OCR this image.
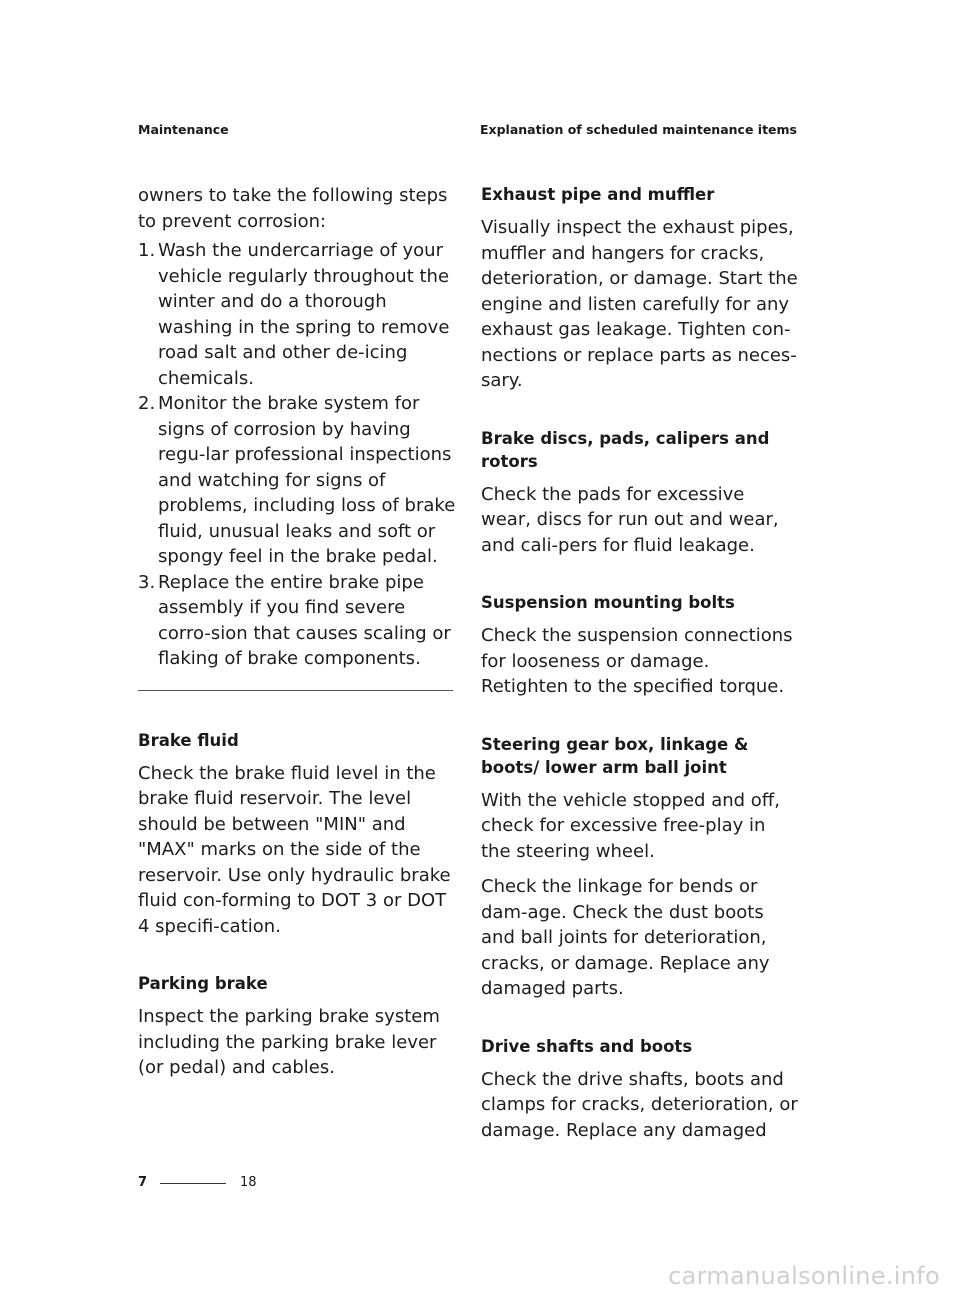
Maintenance	Explanation of scheduled maintenance items

owners to take the following steps to prevent corrosion:

1. Wash the undercarriage of your vehicle regularly throughout the winter and do a thorough washing in the spring to remove road salt and other de-icing chemicals.
2. Monitor the brake system for signs of corrosion by having regu-lar professional inspections and watching for signs of problems, including loss of brake fluid, unusual leaks and soft or spongy feel in the brake pedal.
3. Replace the entire brake pipe assembly if you find severe corro-sion that causes scaling or flaking of brake components.
Brake fluid

Check the brake fluid level in the brake fluid reservoir. The level should be between "MIN" and "MAX" marks on the side of the reservoir. Use only hydraulic brake fluid con-forming to DOT 3 or DOT 4 specifi-cation.

Parking brake

Inspect the parking brake system including the parking brake lever (or pedal) and cables.

Exhaust pipe and muffler

Visually inspect the exhaust pipes, muffler and hangers for cracks, deterioration, or damage. Start the engine and listen carefully for any exhaust gas leakage. Tighten con-nections or replace parts as neces-sary.

Brake discs, pads, calipers and rotors

Check the pads for excessive wear, discs for run out and wear, and cali-pers for fluid leakage.

Suspension mounting bolts

Check the suspension connections for looseness or damage. Retighten to the specified torque.

Steering gear box, linkage & boots/ lower arm ball joint

With the vehicle stopped and off, check for excessive free-play in the steering wheel.

Check the linkage for bends or dam-age. Check the dust boots and ball joints for deterioration, cracks, or damage. Replace any damaged parts.

Drive shafts and boots

Check the drive shafts, boots and clamps for cracks, deterioration, or damage. Replace any damaged

7	18
carmanualsonline.info
